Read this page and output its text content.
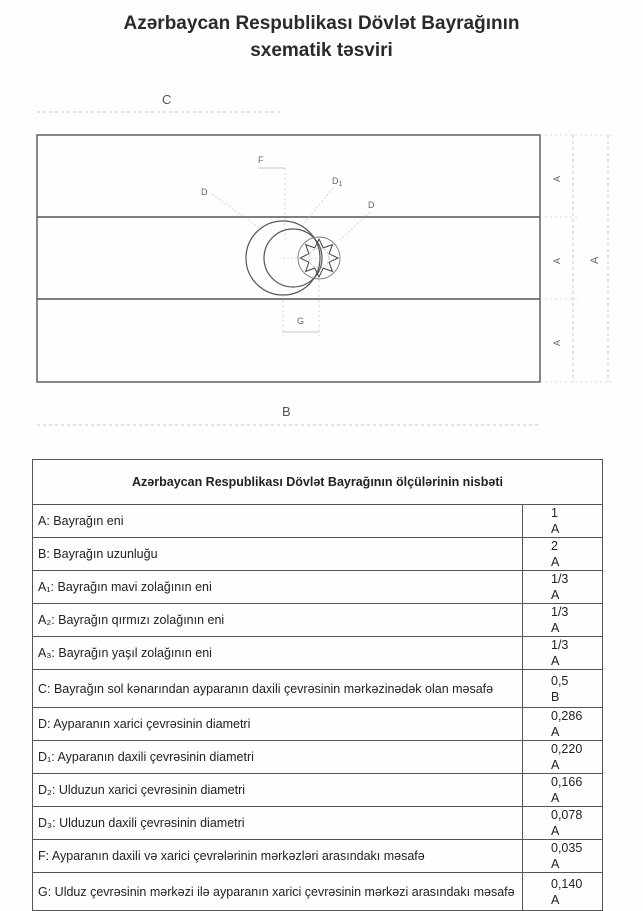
Azərbaycan Respublikası Dövlət Bayrağının
sxematik təsviri
C
B
A
A
A
A
F
D
$D_1$
D
G
Azərbaycan Respublikası Dövlət Bayrağının ölçülərinin nisbəti	
A: Bayrağın eni	1A
B: Bayrağın uzunluğu	2A
A₁: Bayrağın mavi zolağının eni	1/3A
A₂: Bayrağın qırmızı zolağının eni	1/3A
A₃: Bayrağın yaşıl zolağının eni	1/3A
C: Bayrağın sol kənarından ayparanın daxili çevrəsinin mərkəzinədək olan məsafə	0,5B
D: Ayparanın xarici çevrəsinin diametri	0,286A
D₁: Ayparanın daxili çevrəsinin diametri	0,220A
D₂: Ulduzun xarici çevrəsinin diametri	0,166A
D₃: Ulduzun daxili çevrəsinin diametri	0,078A
F: Ayparanın daxili və xarici çevrələrinin mərkəzləri arasındakı məsafə	0,035A
G: Ulduz çevrəsinin mərkəzi ilə ayparanın xarici çevrəsinin mərkəzi arasındakı məsafə	0,140A
